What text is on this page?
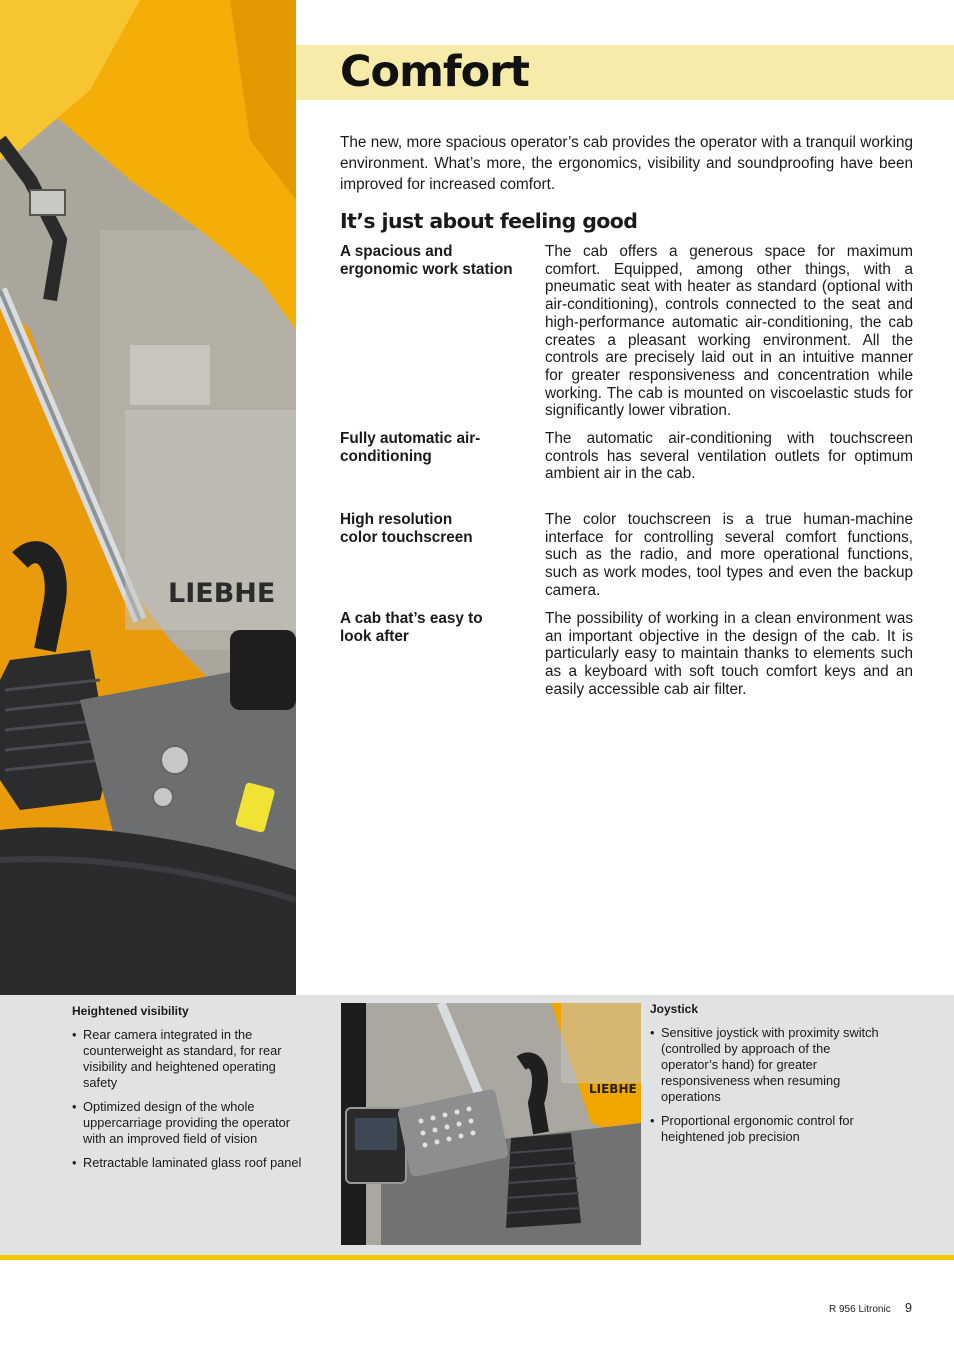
LIEBHE
Comfort

The new, more spacious operator’s cab provides the operator with a tranquil working environment. What’s more, the ergonomics, visibility and soundproofing have been improved for increased comfort.

It’s just about feeling good

A spacious and ergonomic work station

The cab offers a generous space for maximum comfort. Equipped, among other things, with a pneumatic seat with heater as standard (optional with air-conditioning), controls connected to the seat and high-performance automatic air-conditioning, the cab creates a pleasant working environment. All the controls are precisely laid out in an intuitive manner for greater responsiveness and concentration while working. The cab is mounted on viscoelastic studs for significantly lower vibration.

Fully automatic air-conditioning

The automatic air-conditioning with touchscreen controls has several ventilation outlets for optimum ambient air in the cab.

High resolution color touchscreen

The color touchscreen is a true human-machine interface for controlling several comfort functions, such as the radio, and more operational functions, such as work modes, tool types and even the backup camera.

A cab that’s easy to look after

The possibility of working in a clean environment was an important objective in the design of the cab. It is particularly easy to maintain thanks to elements such as a keyboard with soft touch comfort keys and an easily accessible cab air filter.

Heightened visibility
• Rear camera integrated in the counterweight as standard, for rear visibility and heightened operating safety
• Optimized design of the whole uppercarriage providing the operator with an improved field of vision
• Retractable laminated glass roof panel
LIEBHE
Joystick
• Sensitive joystick with proximity switch (controlled by approach of the operator’s hand) for greater responsiveness when resuming operations
• Proportional ergonomic control for heightened job precision
R 956 Litronic 9
